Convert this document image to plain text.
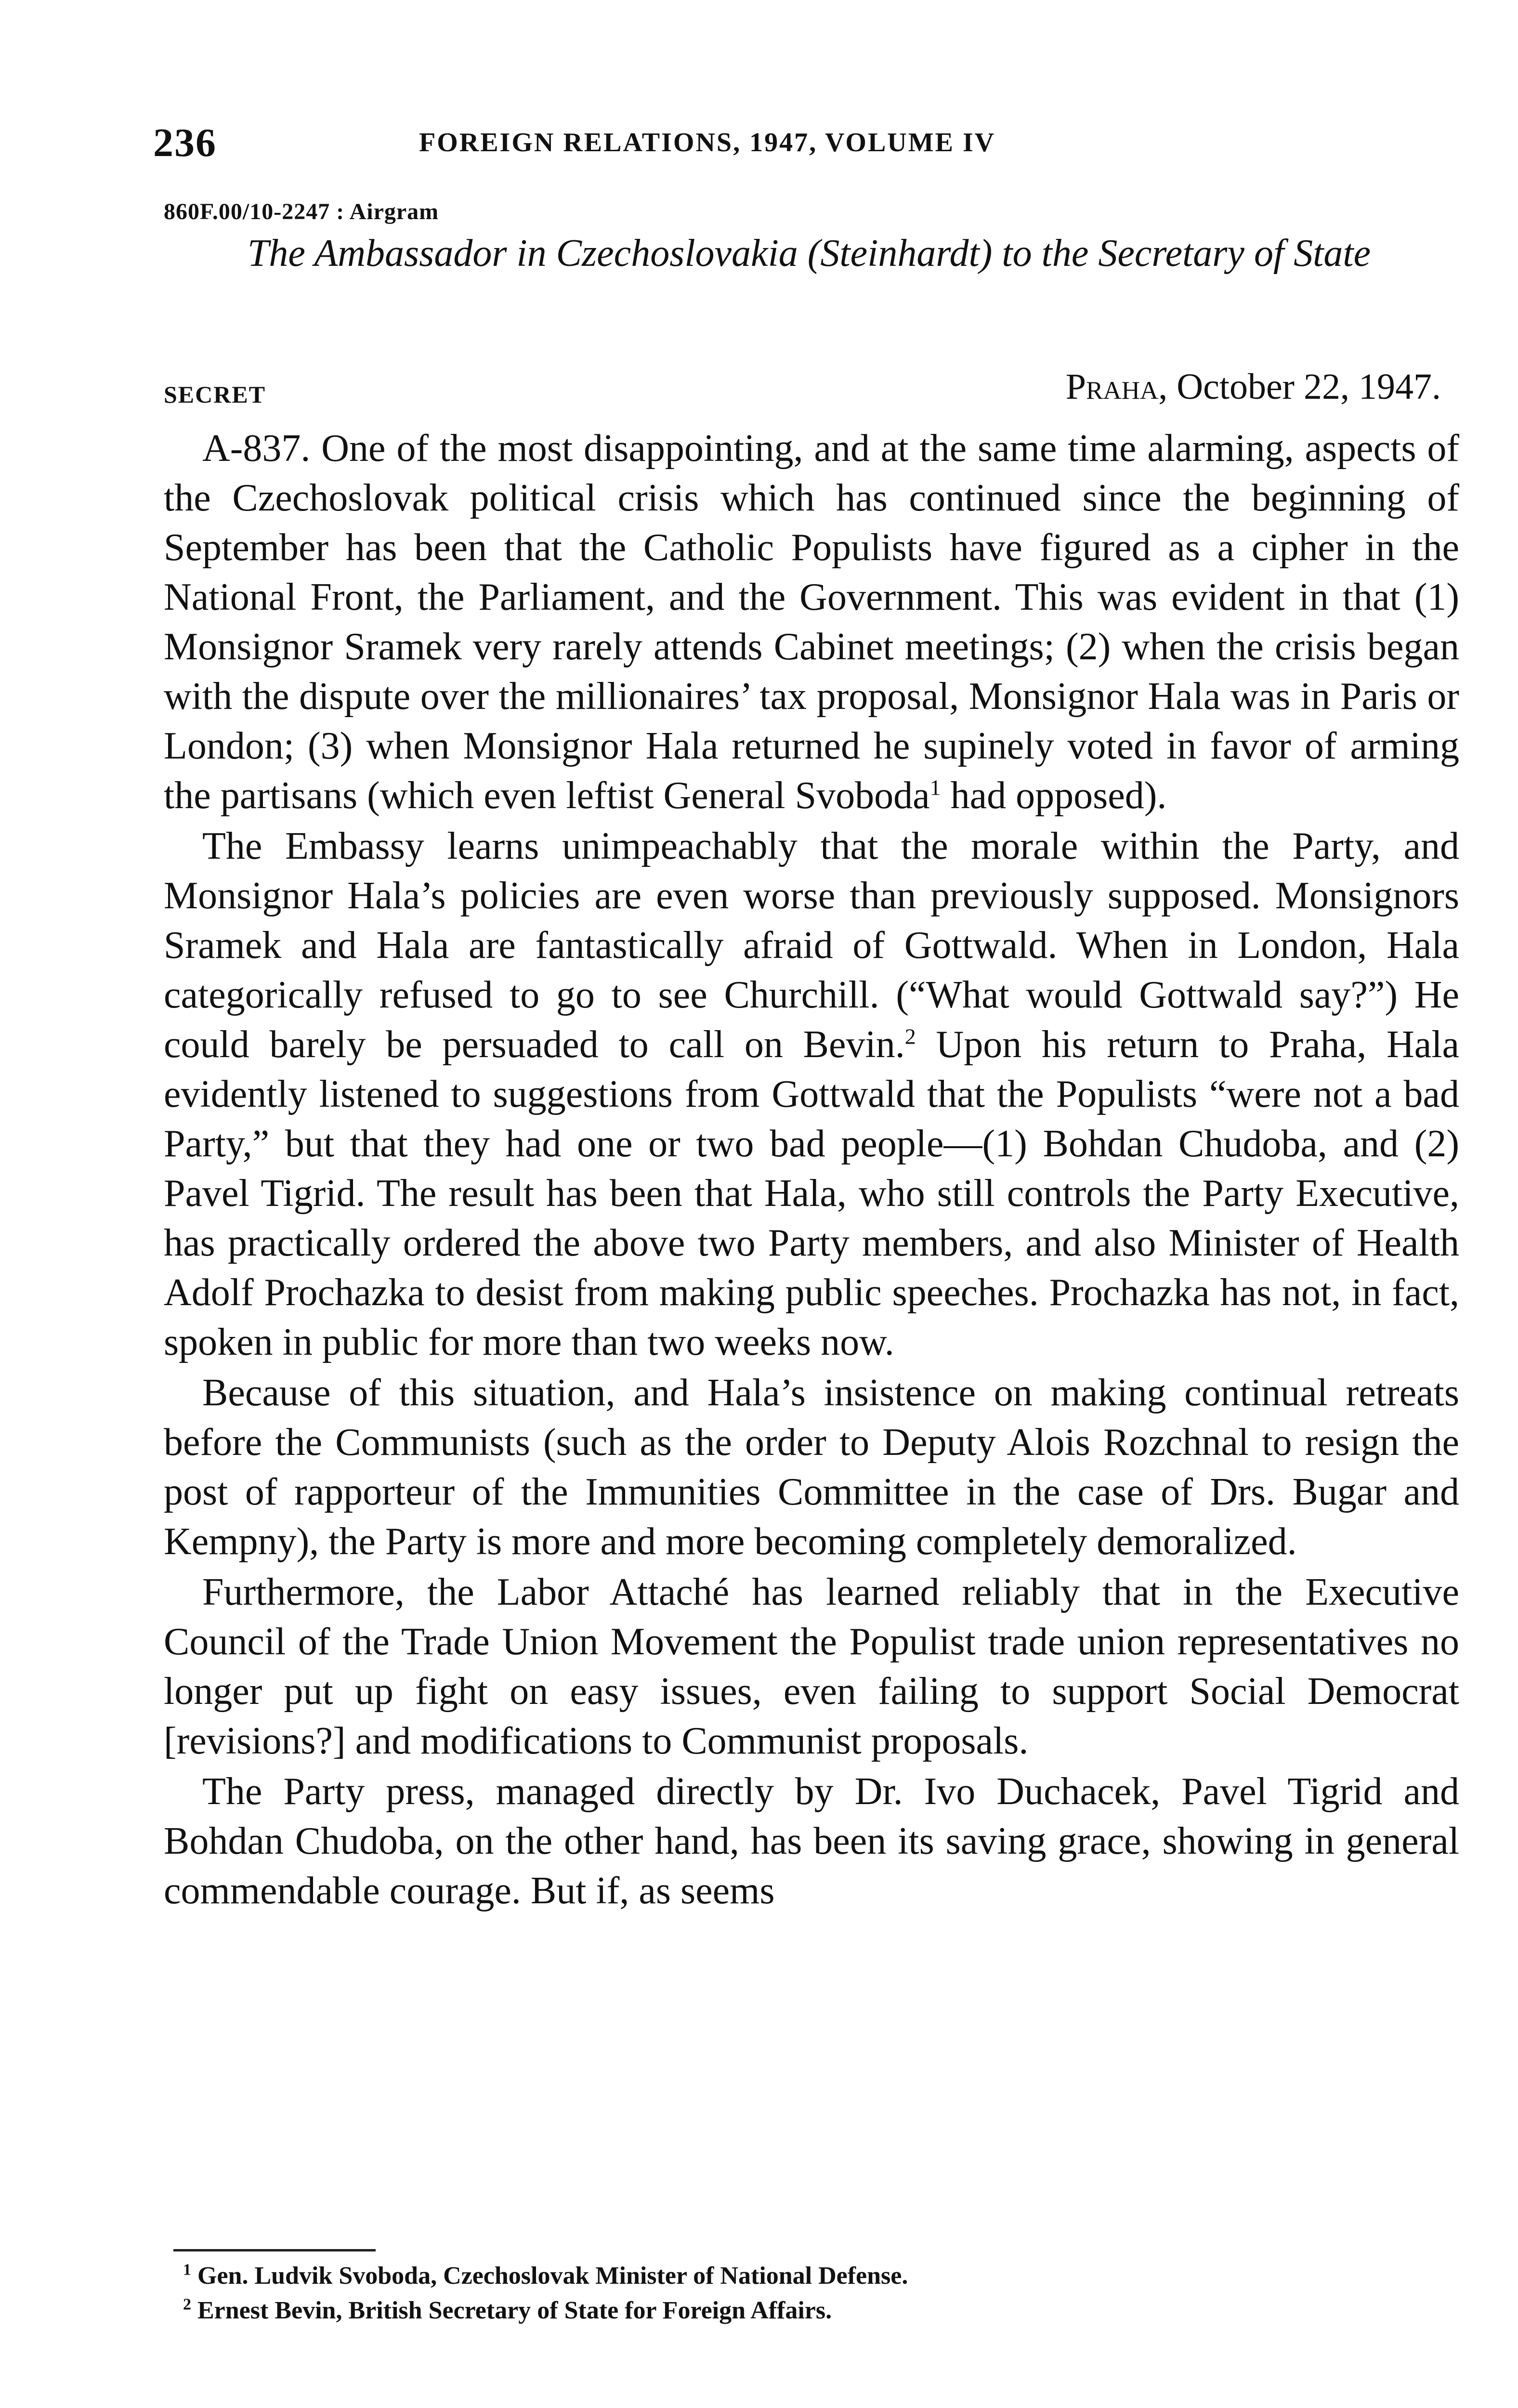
236	FOREIGN RELATIONS, 1947, VOLUME IV
860F.00/10-2247 : Airgram
The Ambassador in Czechoslovakia (Steinhardt) to the Secretary of State
SECRET	Praha, October 22, 1947.

A-837. One of the most disappointing, and at the same time alarming, aspects of the Czechoslovak political crisis which has continued since the beginning of September has been that the Catholic Populists have figured as a cipher in the National Front, the Parliament, and the Government. This was evident in that (1) Monsignor Sramek very rarely attends Cabinet meetings; (2) when the crisis began with the dispute over the millionaires’ tax proposal, Monsignor Hala was in Paris or London; (3) when Monsignor Hala returned he supinely voted in favor of arming the partisans (which even leftist General Svoboda$^1$ had opposed).

The Embassy learns unimpeachably that the morale within the Party, and Monsignor Hala’s policies are even worse than previously supposed. Monsignors Sramek and Hala are fantastically afraid of Gottwald. When in London, Hala categorically refused to go to see Churchill. (“What would Gottwald say?”) He could barely be persuaded to call on Bevin.$^2$ Upon his return to Praha, Hala evidently listened to suggestions from Gottwald that the Populists “were not a bad Party,” but that they had one or two bad people—(1) Bohdan Chudoba, and (2) Pavel Tigrid. The result has been that Hala, who still controls the Party Executive, has practically ordered the above two Party members, and also Minister of Health Adolf Prochazka to desist from making public speeches. Prochazka has not, in fact, spoken in public for more than two weeks now.

Because of this situation, and Hala’s insistence on making continual retreats before the Communists (such as the order to Deputy Alois Rozchnal to resign the post of rapporteur of the Immunities Committee in the case of Drs. Bugar and Kempny), the Party is more and more becoming completely demoralized.

Furthermore, the Labor Attaché has learned reliably that in the Executive Council of the Trade Union Movement the Populist trade union representatives no longer put up fight on easy issues, even failing to support Social Democrat [revisions?] and modifications to Communist proposals.

The Party press, managed directly by Dr. Ivo Duchacek, Pavel Tigrid and Bohdan Chudoba, on the other hand, has been its saving grace, showing in general commendable courage. But if, as seems

$^1$ Gen. Ludvik Svoboda, Czechoslovak Minister of National Defense.

$^2$ Ernest Bevin, British Secretary of State for Foreign Affairs.
